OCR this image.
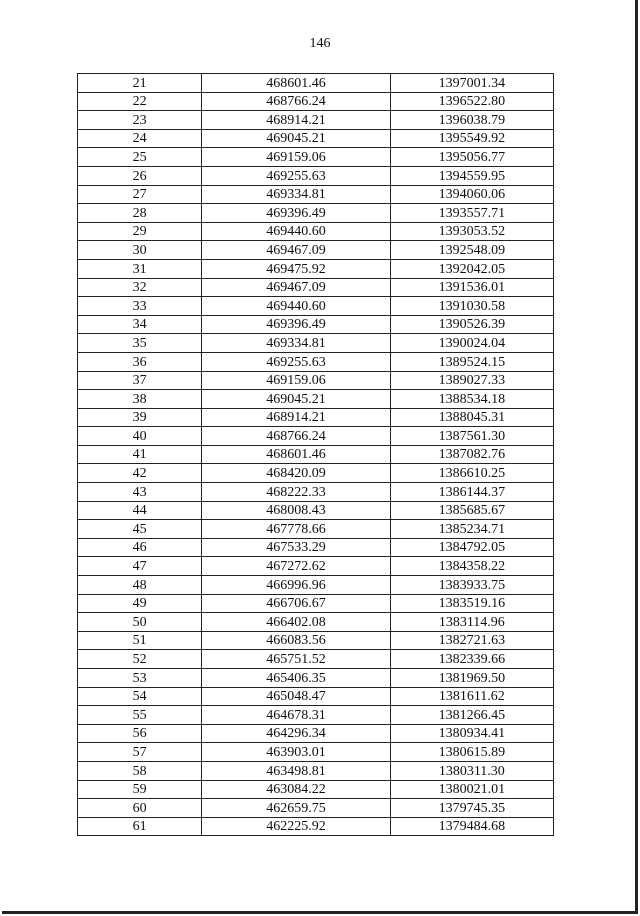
146
21	468601.46	1397001.34
22	468766.24	1396522.80
23	468914.21	1396038.79
24	469045.21	1395549.92
25	469159.06	1395056.77
26	469255.63	1394559.95
27	469334.81	1394060.06
28	469396.49	1393557.71
29	469440.60	1393053.52
30	469467.09	1392548.09
31	469475.92	1392042.05
32	469467.09	1391536.01
33	469440.60	1391030.58
34	469396.49	1390526.39
35	469334.81	1390024.04
36	469255.63	1389524.15
37	469159.06	1389027.33
38	469045.21	1388534.18
39	468914.21	1388045.31
40	468766.24	1387561.30
41	468601.46	1387082.76
42	468420.09	1386610.25
43	468222.33	1386144.37
44	468008.43	1385685.67
45	467778.66	1385234.71
46	467533.29	1384792.05
47	467272.62	1384358.22
48	466996.96	1383933.75
49	466706.67	1383519.16
50	466402.08	1383114.96
51	466083.56	1382721.63
52	465751.52	1382339.66
53	465406.35	1381969.50
54	465048.47	1381611.62
55	464678.31	1381266.45
56	464296.34	1380934.41
57	463903.01	1380615.89
58	463498.81	1380311.30
59	463084.22	1380021.01
60	462659.75	1379745.35
61	462225.92	1379484.68
